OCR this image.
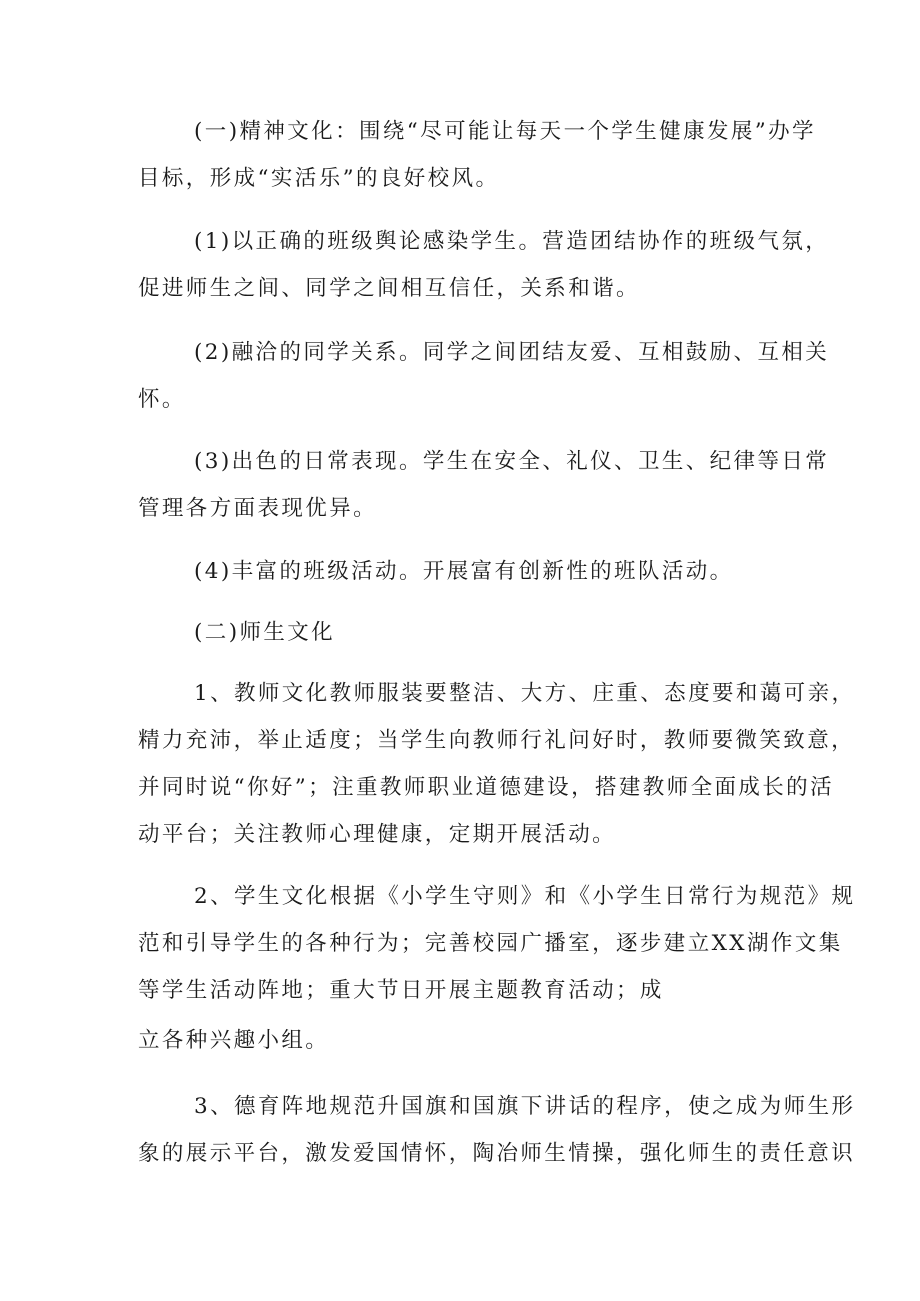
(一)精神文化：围绕“尽可能让每天一个学生健康发展”办学
目标，形成“实活乐”的良好校风。
(1)以正确的班级舆论感染学生。营造团结协作的班级气氛，
促进师生之间、同学之间相互信任，关系和谐。
(2)融洽的同学关系。同学之间团结友爱、互相鼓励、互相关
怀。
(3)出色的日常表现。学生在安全、礼仪、卫生、纪律等日常
管理各方面表现优异。
(4)丰富的班级活动。开展富有创新性的班队活动。
(二)师生文化
1、教师文化教师服装要整洁、大方、庄重、态度要和蔼可亲，
精力充沛，举止适度；当学生向教师行礼问好时，教师要微笑致意，
并同时说“你好”；注重教师职业道德建设，搭建教师全面成长的活
动平台；关注教师心理健康，定期开展活动。
2、学生文化根据《小学生守则》和《小学生日常行为规范》规
范和引导学生的各种行为；完善校园广播室，逐步建立XX湖作文集
等学生活动阵地；重大节日开展主题教育活动；成
立各种兴趣小组。
3、德育阵地规范升国旗和国旗下讲话的程序，使之成为师生形
象的展示平台，激发爱国情怀，陶冶师生情操，强化师生的责任意识
